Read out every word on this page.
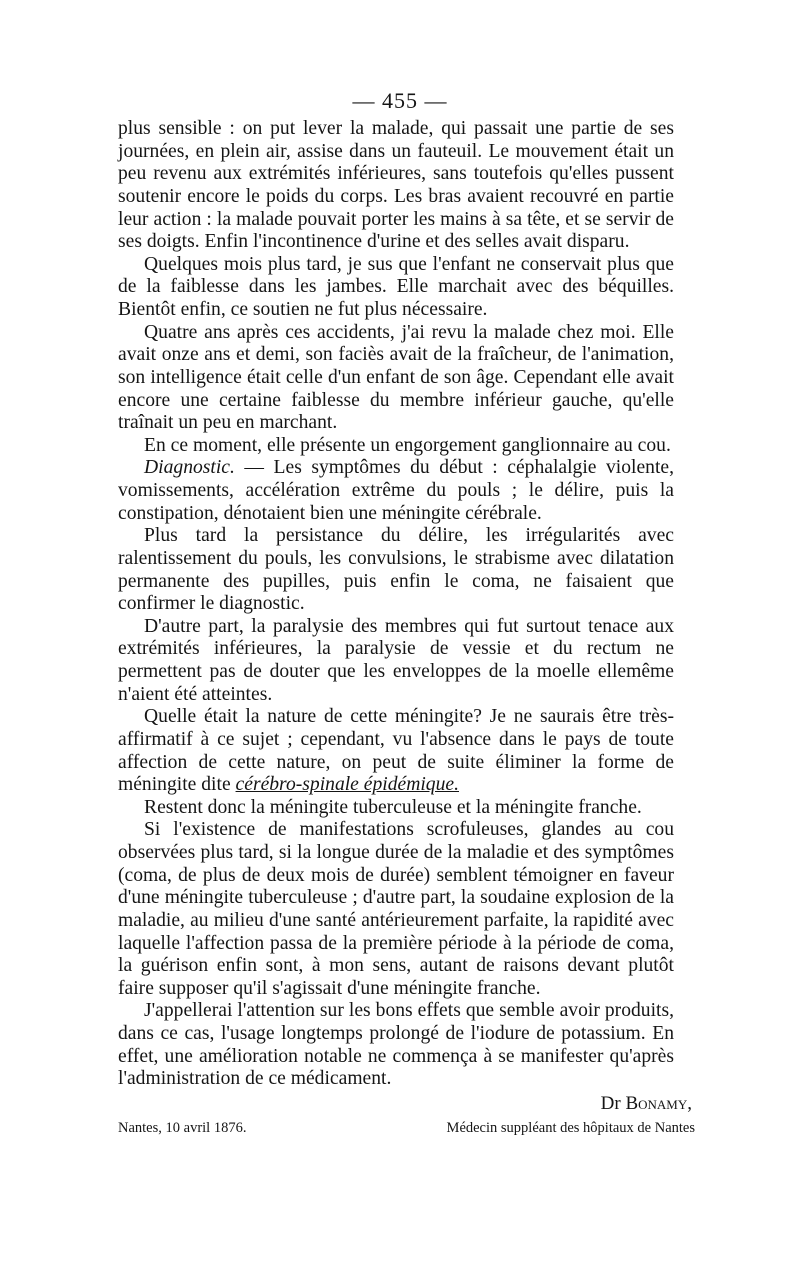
— 455 —

plus sensible : on put lever la malade, qui passait une partie de ses journées, en plein air, assise dans un fauteuil. Le mouvement était un peu revenu aux extrémités inférieures, sans toutefois qu'elles pussent soutenir encore le poids du corps. Les bras avaient recouvré en partie leur action : la malade pouvait porter les mains à sa tête, et se servir de ses doigts. Enfin l'incontinence d'urine et des selles avait disparu.

Quelques mois plus tard, je sus que l'enfant ne conservait plus que de la faiblesse dans les jambes. Elle marchait avec des béquilles. Bientôt enfin, ce soutien ne fut plus nécessaire.

Quatre ans après ces accidents, j'ai revu la malade chez moi. Elle avait onze ans et demi, son faciès avait de la fraîcheur, de l'animation, son intelligence était celle d'un enfant de son âge. Cependant elle avait encore une certaine faiblesse du membre inférieur gauche, qu'elle traînait un peu en marchant.

En ce moment, elle présente un engorgement ganglionnaire au cou.

Diagnostic. — Les symptômes du début : céphalalgie violente, vomissements, accélération extrême du pouls ; le délire, puis la constipation, dénotaient bien une méningite cérébrale.

Plus tard la persistance du délire, les irrégularités avec ralentissement du pouls, les convulsions, le strabisme avec dilatation permanente des pupilles, puis enfin le coma, ne faisaient que confirmer le diagnostic.

D'autre part, la paralysie des membres qui fut surtout tenace aux extrémités inférieures, la paralysie de vessie et du rectum ne permettent pas de douter que les enveloppes de la moelle ellemême n'aient été atteintes.

Quelle était la nature de cette méningite? Je ne saurais être très-affirmatif à ce sujet ; cependant, vu l'absence dans le pays de toute affection de cette nature, on peut de suite éliminer la forme de méningite dite cérébro-spinale épidémique.

Restent donc la méningite tuberculeuse et la méningite franche.

Si l'existence de manifestations scrofuleuses, glandes au cou observées plus tard, si la longue durée de la maladie et des symptômes (coma, de plus de deux mois de durée) semblent témoigner en faveur d'une méningite tuberculeuse ; d'autre part, la soudaine explosion de la maladie, au milieu d'une santé antérieurement parfaite, la rapidité avec laquelle l'affection passa de la première période à la période de coma, la guérison enfin sont, à mon sens, autant de raisons devant plutôt faire supposer qu'il s'agissait d'une méningite franche.

J'appellerai l'attention sur les bons effets que semble avoir produits, dans ce cas, l'usage longtemps prolongé de l'iodure de potassium. En effet, une amélioration notable ne commença à se manifester qu'après l'administration de ce médicament.

Dr Bonamy,
Nantes, 10 avril 1876.	Médecin suppléant des hôpitaux de Nantes
